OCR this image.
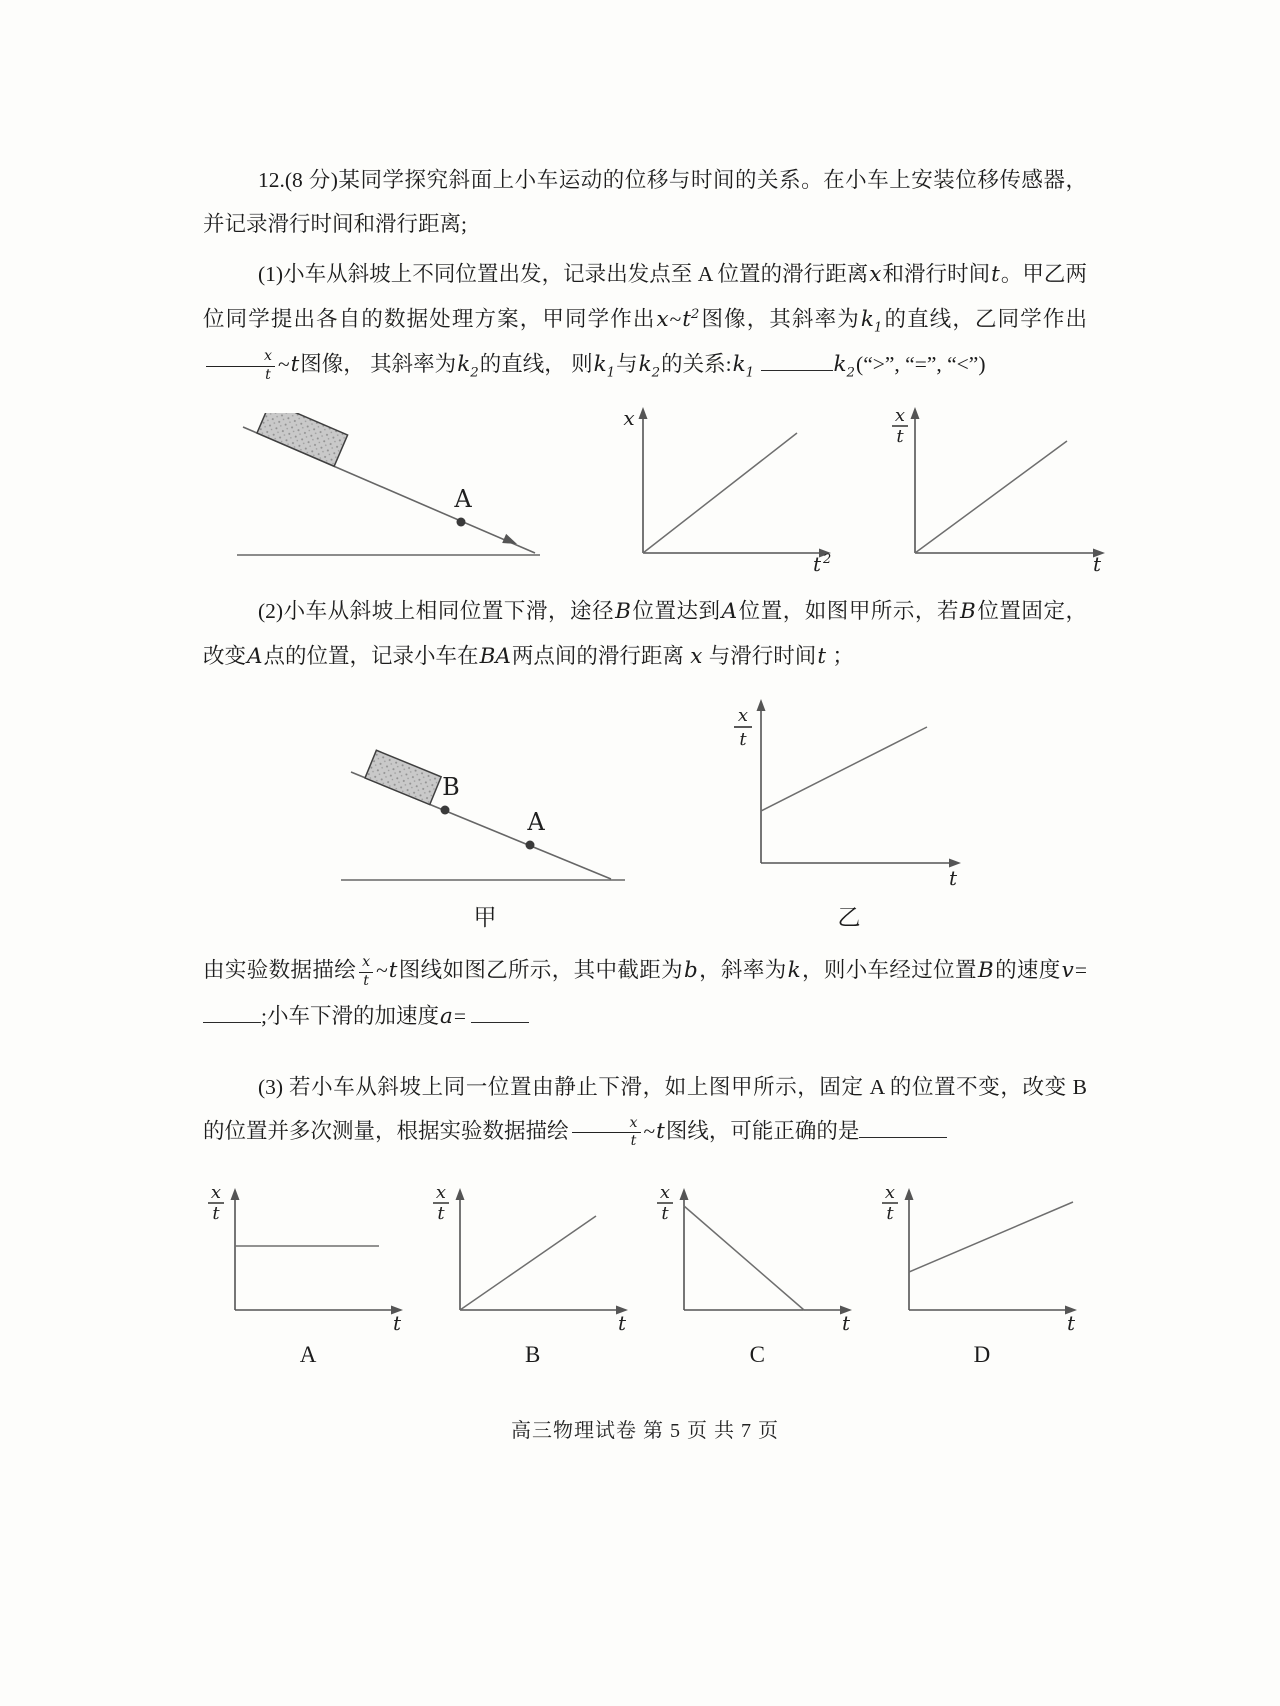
12.(8 分)某同学探究斜面上小车运动的位移与时间的关系。在小车上安装位移传感器，并记录滑行时间和滑行距离;

(1)小车从斜坡上不同位置出发，记录出发点至 A 位置的滑行距离x和滑行时间t。甲乙两位同学提出各自的数据处理方案，甲同学作出$x\sim t^2$图像，其斜率为$k_1$的直线，乙同学作出
$\frac{x}{t}$ ~t图像， 其斜率为$k_2$的直线， 则$k_1$与$k_2$的关系$:k_1$	$k_2(“>$”, “=”, “<”)

A
x
t 2
x
t
t

(2)小车从斜坡上相同位置下滑，途径B位置达到A位置，如图甲所示，若B位置固定，改变A点的位置，记录小车在BA两点间的滑行距离 x 与滑行时间t ；

B
A
甲
x
t
t
乙

由实验数据描绘 $\frac{x}{t}$ ~t图线如图乙所示，其中截距为b，斜率为k，则小车经过位置B的速度v= ;小车下滑的加速度a=

(3) 若小车从斜坡上同一位置由静止下滑，如上图甲所示，固定 A 的位置不变，改变 B 的位置并多次测量，根据实验数据描绘 $\frac{x}{t}$ ~t图线，可能正确的是

x
t
t
A
x
t
t
B
x
t
t
C
x
t
t
D
高三物理试卷 第 5 页 共 7 页
